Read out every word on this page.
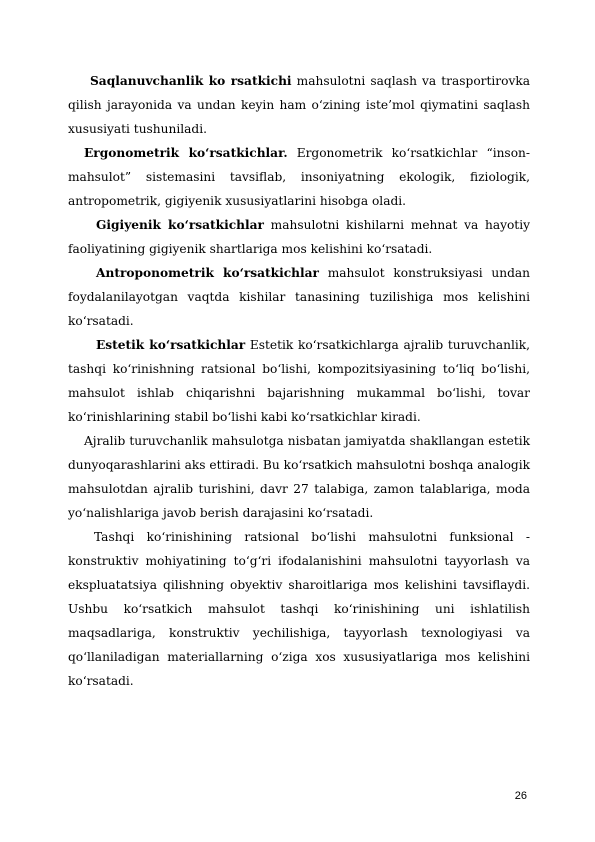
Saqlanuvchanlik ko rsatkichi mahsulotni saqlash va trasportirovka qilish jarayonida va undan keyin ham o‘zining iste’mol qiymatini saqlash xususiyati tushuniladi.

Ergonometrik ko‘rsatkichlar. Ergonometrik ko‘rsatkichlar “inson-mahsulot” sistemasini tavsiflab, insoniyatning ekologik, fiziologik, antropometrik, gigiyenik xususiyatlarini hisobga oladi.

Gigiyenik ko‘rsatkichlar mahsulotni kishilarni mehnat va hayotiy faoliyatining gigiyenik shartlariga mos kelishini ko‘rsatadi.

Antroponometrik ko‘rsatkichlar mahsulot konstruksiyasi undan foydalanilayotgan vaqtda kishilar tanasining tuzilishiga mos kelishini ko‘rsatadi.

Estetik ko‘rsatkichlar Estetik ko‘rsatkichlarga ajralib turuvchanlik, tashqi ko‘rinishning ratsional bo‘lishi, kompozitsiyasining to‘liq bo‘lishi, mahsulot ishlab chiqarishni bajarishning mukammal bo‘lishi, tovar ko‘rinishlarining stabil bo‘lishi kabi ko‘rsatkichlar kiradi.

Ajralib turuvchanlik mahsulotga nisbatan jamiyatda shakllangan estetik dunyoqarashlarini aks ettiradi. Bu ko‘rsatkich mahsulotni boshqa analogik mahsulotdan ajralib turishini, davr 27 talabiga, zamon talablariga, moda yo‘nalishlariga javob berish darajasini ko‘rsatadi.

Tashqi ko‘rinishining ratsional bo‘lishi mahsulotni funksional - konstruktiv mohiyatining to‘g‘ri ifodalanishini mahsulotni tayyorlash va ekspluatatsiya qilishning obyektiv sharoitlariga mos kelishini tavsiflaydi. Ushbu ko‘rsatkich mahsulot tashqi ko‘rinishining uni ishlatilish maqsadlariga, konstruktiv yechilishiga, tayyorlash texnologiyasi va qo‘llaniladigan materiallarning o‘ziga xos xususiyatlariga mos kelishini ko‘rsatadi.

26
